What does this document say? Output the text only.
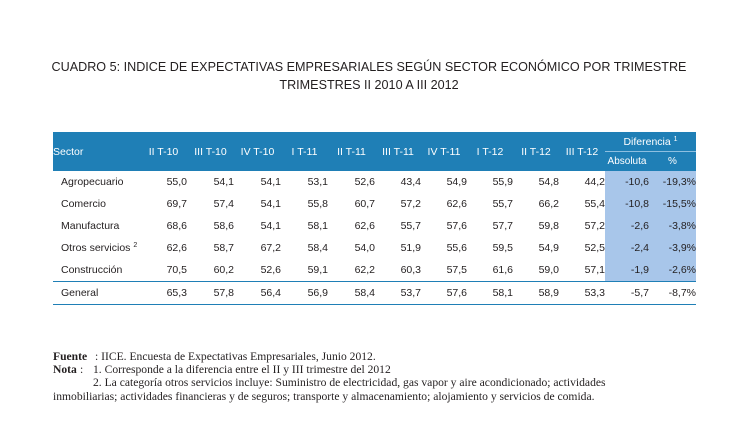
CUADRO 5: INDICE DE EXPECTATIVAS EMPRESARIALES SEGÚN SECTOR ECONÓMICO POR TRIMESTRE
TRIMESTRES II 2010 A III 2012
Sector	II T-10	III T-10	IV T-10	I T-11	II T-11	III T-11	IV T-11	I T-12	II T-12	III T-12	Diferencia $^1$
											Absoluta	%
Agropecuario	55,0	54,1	54,1	53,1	52,6	43,4	54,9	55,9	54,8	44,2	-10,6	-19,3%
Comercio	69,7	57,4	54,1	55,8	60,7	57,2	62,6	55,7	66,2	55,4	-10,8	-15,5%
Manufactura	68,6	58,6	54,1	58,1	62,6	55,7	57,6	57,7	59,8	57,2	-2,6	-3,8%
Otros servicios $^2$	62,6	58,7	67,2	58,4	54,0	51,9	55,6	59,5	54,9	52,5	-2,4	-3,9%
Construcción	70,5	60,2	52,6	59,1	62,2	60,3	57,5	61,6	59,0	57,1	-1,9	-2,6%
General	65,3	57,8	56,4	56,9	58,4	53,7	57,6	58,1	58,9	53,3	-5,7	-8,7%
Fuente : IICE. Encuesta de Expectativas Empresariales, Junio 2012.
Nota : 1. Corresponde a la diferencia entre el II y III trimestre del 2012
2. La categoría otros servicios incluye: Suministro de electricidad, gas vapor y aire acondicionado; actividades
inmobiliarias; actividades financieras y de seguros; transporte y almacenamiento; alojamiento y servicios de comida.
